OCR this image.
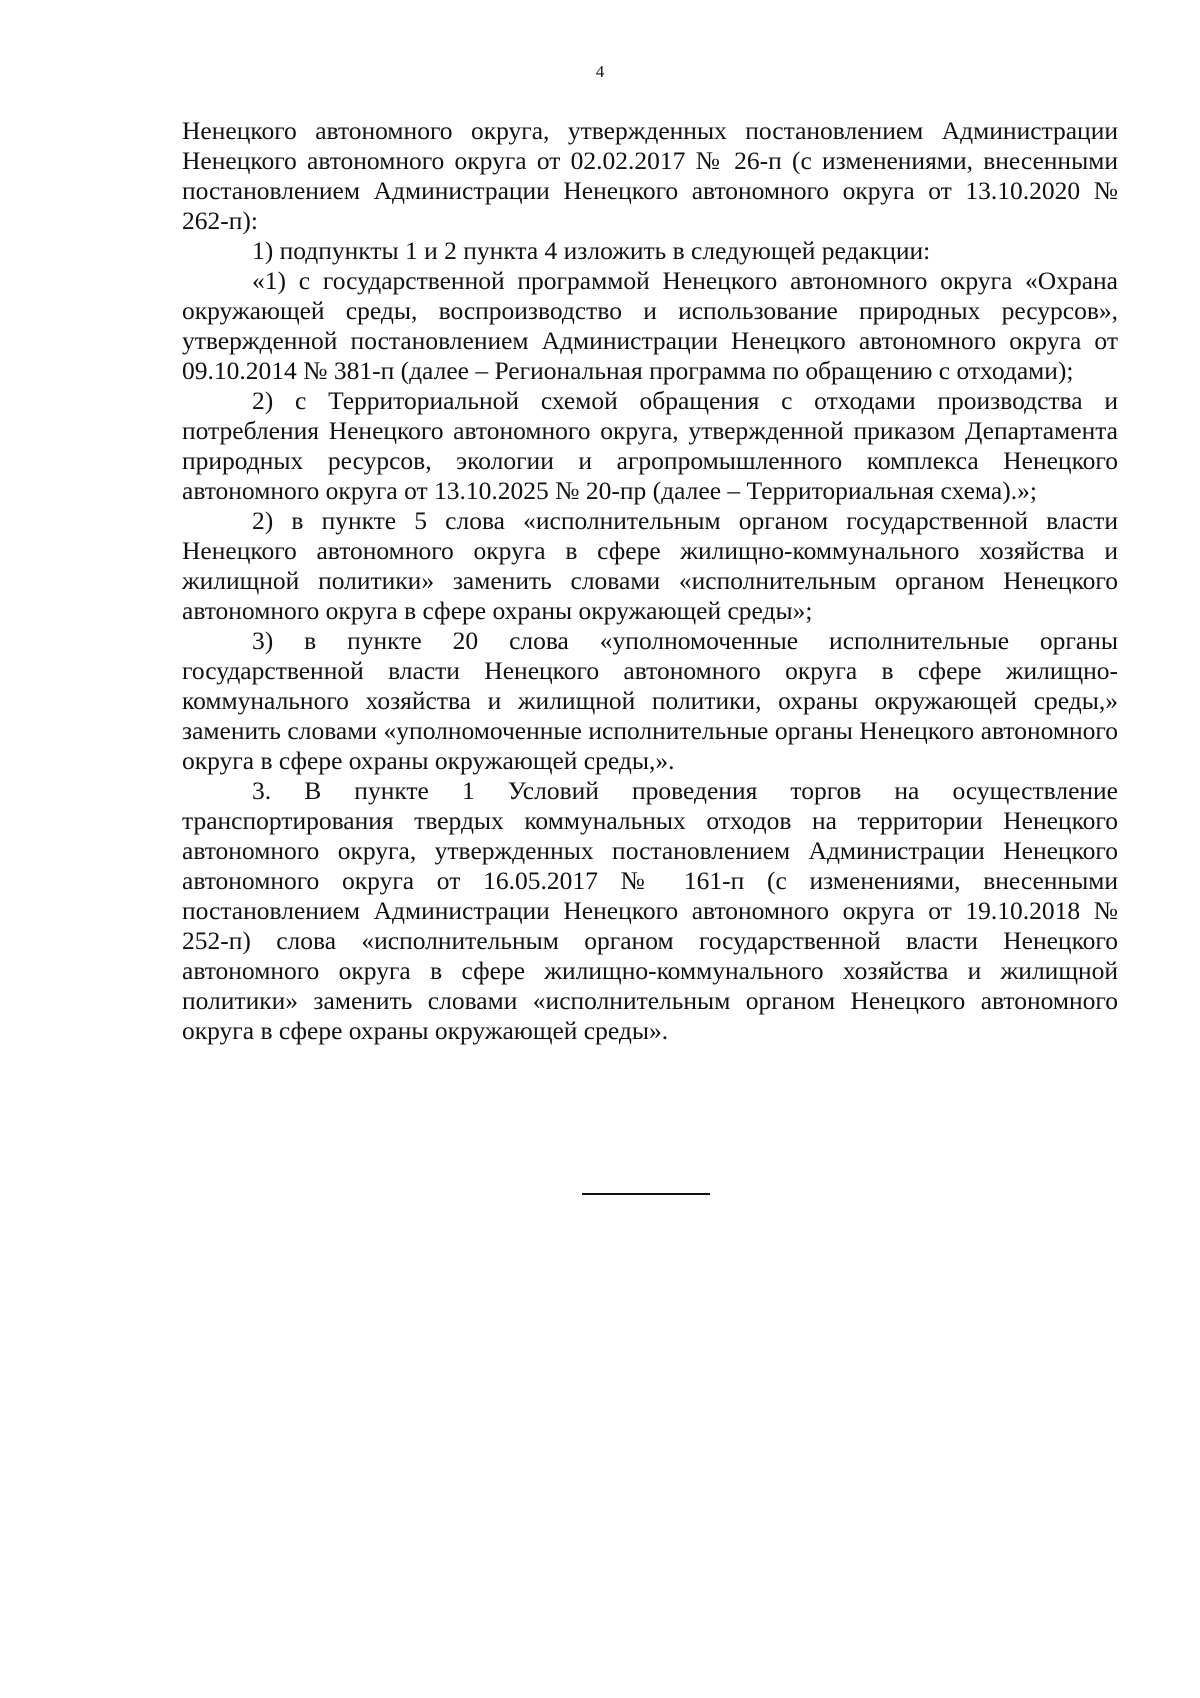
4

Ненецкого автономного округа, утвержденных постановлением Администрации Ненецкого автономного округа от 02.02.2017 № 26-п (с изменениями, внесенными постановлением Администрации Ненецкого автономного округа от 13.10.2020 № 262-п):

1) подпункты 1 и 2 пункта 4 изложить в следующей редакции:

«1) с государственной программой Ненецкого автономного округа «Охрана окружающей среды, воспроизводство и использование природных ресурсов», утвержденной постановлением Администрации Ненецкого автономного округа от 09.10.2014 № 381-п (далее – Региональная программа по обращению с отходами);

2) с Территориальной схемой обращения с отходами производства и потребления Ненецкого автономного округа, утвержденной приказом Департамента природных ресурсов, экологии и агропромышленного комплекса Ненецкого автономного округа от 13.10.2025 № 20-пр (далее – Территориальная схема).»;

2) в пункте 5 слова «исполнительным органом государственной власти Ненецкого автономного округа в сфере жилищно-коммунального хозяйства и жилищной политики» заменить словами «исполнительным органом Ненецкого автономного округа в сфере охраны окружающей среды»;

3) в пункте 20 слова «уполномоченные исполнительные органы государственной власти Ненецкого автономного округа в сфере жилищно-коммунального хозяйства и жилищной политики, охраны окружающей среды,» заменить словами «уполномоченные исполнительные органы Ненецкого автономного округа в сфере охраны окружающей среды,».

3. В пункте 1 Условий проведения торгов на осуществление транспортирования твердых коммунальных отходов на территории Ненецкого автономного округа, утвержденных постановлением Администрации Ненецкого автономного округа от 16.05.2017 № 161-п (с изменениями, внесенными постановлением Администрации Ненецкого автономного округа от 19.10.2018 № 252-п) слова «исполнительным органом государственной власти Ненецкого автономного округа в сфере жилищно-коммунального хозяйства и жилищной политики» заменить словами «исполнительным органом Ненецкого автономного округа в сфере охраны окружающей среды».
